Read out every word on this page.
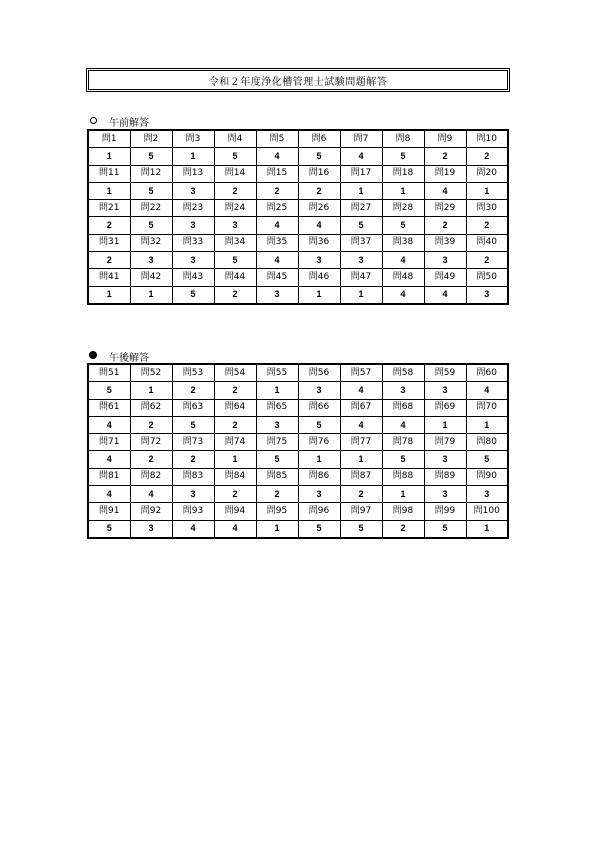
令和２年度浄化槽管理士試験問題解答
午前解答
問1	問2	問3	問4	問5	問6	問7	問8	問9	問10
1	5	1	5	4	5	4	5	2	2
問11	問12	問13	問14	問15	問16	問17	問18	問19	問20
1	5	3	2	2	2	1	1	4	1
問21	問22	問23	問24	問25	問26	問27	問28	問29	問30
2	5	3	3	4	4	5	5	2	2
問31	問32	問33	問34	問35	問36	問37	問38	問39	問40
2	3	3	5	4	3	3	4	3	2
問41	問42	問43	問44	問45	問46	問47	問48	問49	問50
1	1	5	2	3	1	1	4	4	3
午後解答
問51	問52	問53	問54	問55	問56	問57	問58	問59	問60
5	1	2	2	1	3	4	3	3	4
問61	問62	問63	問64	問65	問66	問67	問68	問69	問70
4	2	5	2	3	5	4	4	1	1
問71	問72	問73	問74	問75	問76	問77	問78	問79	問80
4	2	2	1	5	1	1	5	3	5
問81	問82	問83	問84	問85	問86	問87	問88	問89	問90
4	4	3	2	2	3	2	1	3	3
問91	問92	問93	問94	問95	問96	問97	問98	問99	問100
5	3	4	4	1	5	5	2	5	1
